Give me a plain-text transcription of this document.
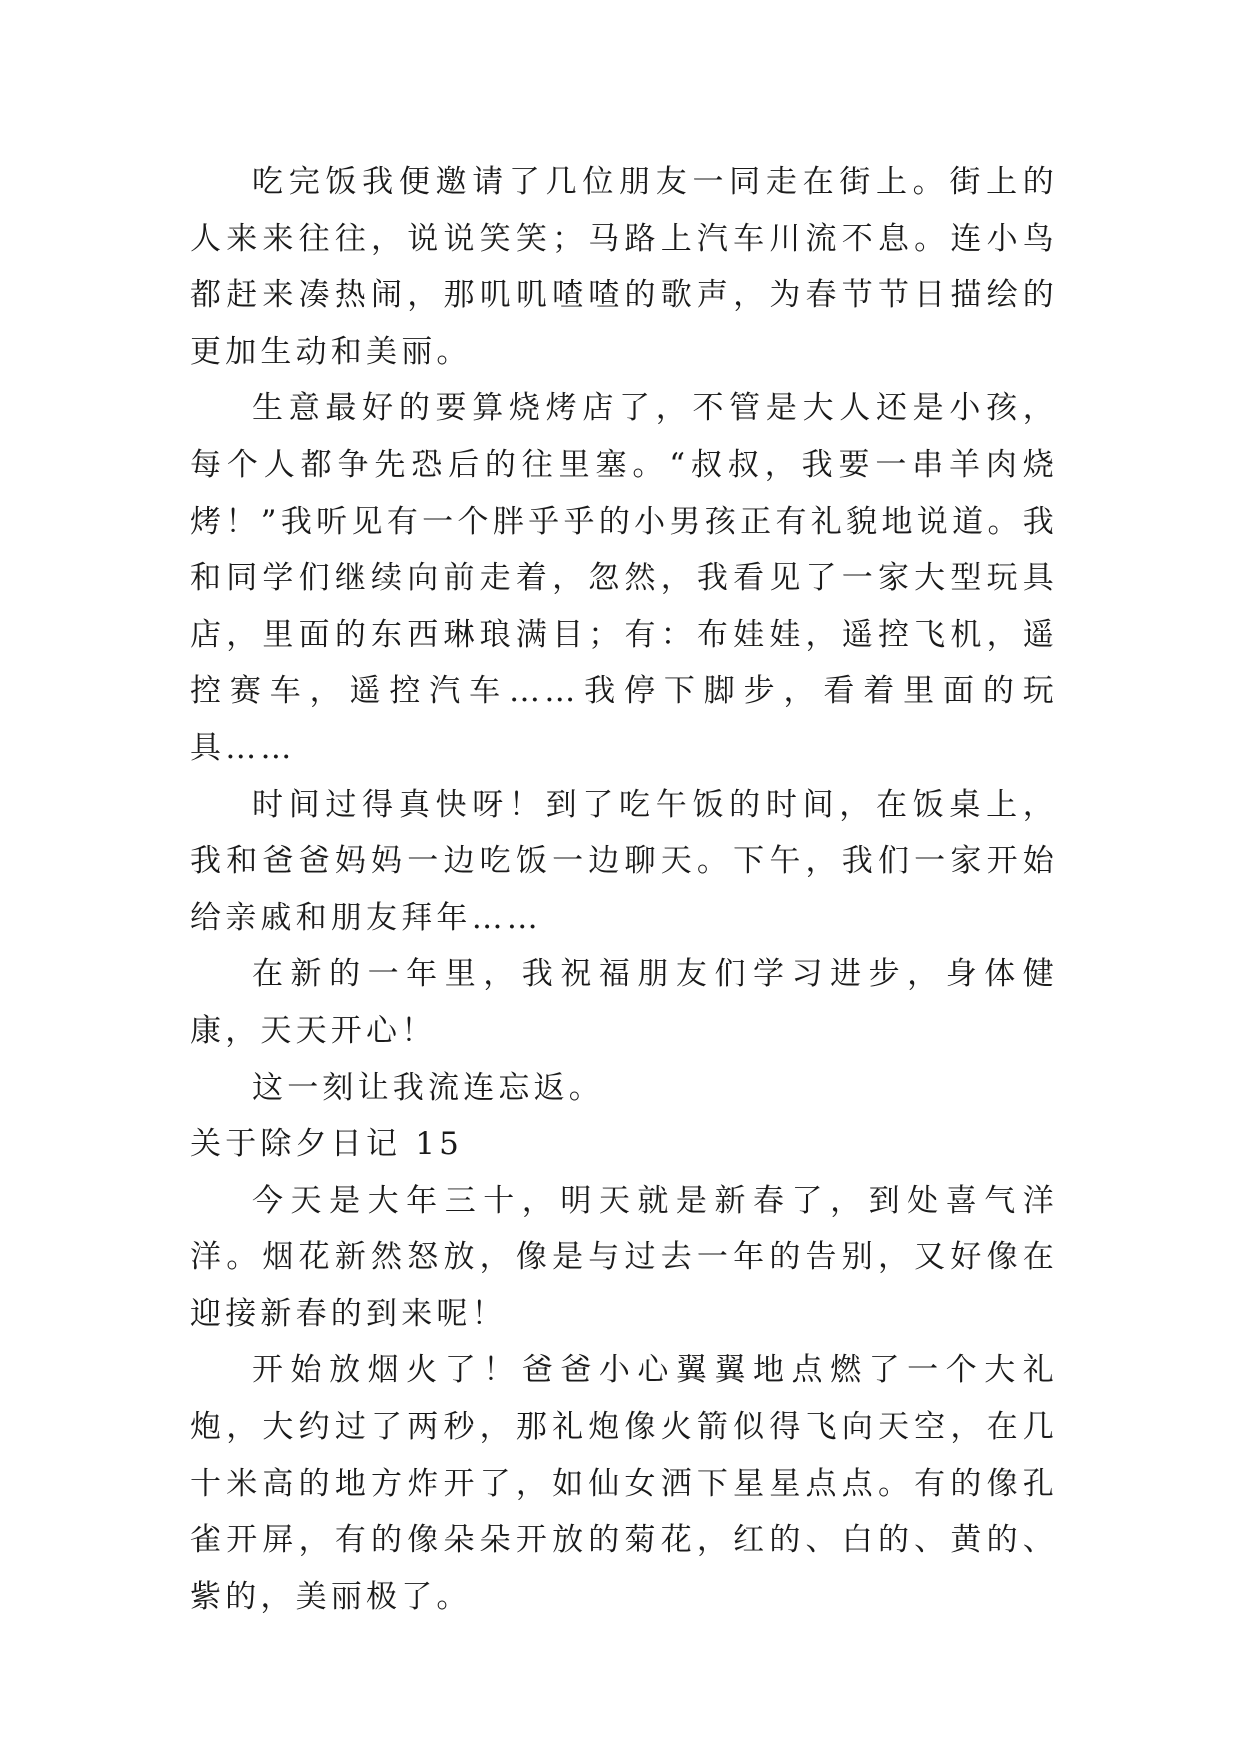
吃完饭我便邀请了几位朋友一同走在街上。街上的人来来往往，说说笑笑；马路上汽车川流不息。连小鸟都赶来凑热闹，那叽叽喳喳的歌声，为春节节日描绘的更加生动和美丽。

生意最好的要算烧烤店了，不管是大人还是小孩，每个人都争先恐后的往里塞。“叔叔，我要一串羊肉烧烤！”我听见有一个胖乎乎的小男孩正有礼貌地说道。我和同学们继续向前走着，忽然，我看见了一家大型玩具店，里面的东西琳琅满目；有：布娃娃，遥控飞机，遥控赛车，遥控汽车……我停下脚步，看着里面的玩具……

时间过得真快呀！到了吃午饭的时间，在饭桌上，我和爸爸妈妈一边吃饭一边聊天。下午，我们一家开始给亲戚和朋友拜年……

在新的一年里，我祝福朋友们学习进步，身体健康，天天开心！

这一刻让我流连忘返。

关于除夕日记 15

今天是大年三十，明天就是新春了，到处喜气洋洋。烟花新然怒放，像是与过去一年的告别，又好像在迎接新春的到来呢！

开始放烟火了！爸爸小心翼翼地点燃了一个大礼炮，大约过了两秒，那礼炮像火箭似得飞向天空，在几十米高的地方炸开了，如仙女洒下星星点点。有的像孔雀开屏，有的像朵朵开放的菊花，红的、白的、黄的、紫的，美丽极了。
